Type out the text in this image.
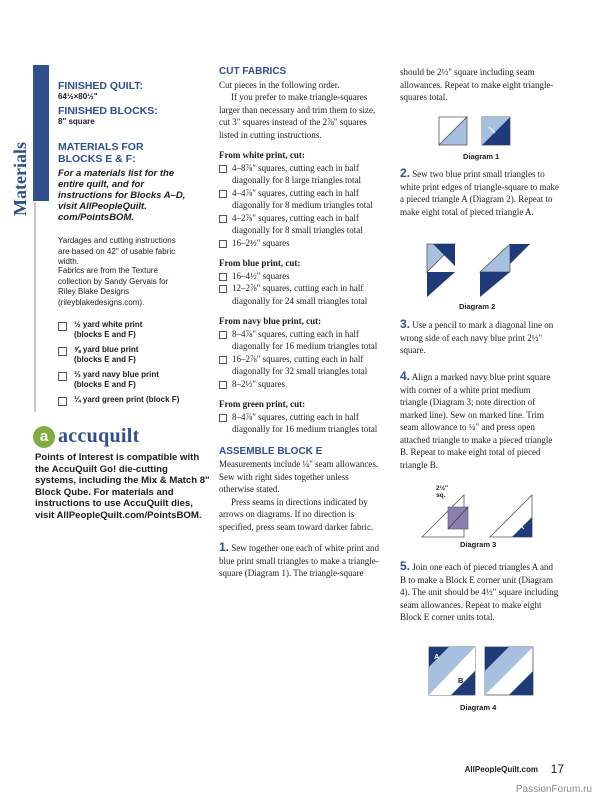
Materials
FINISHED QUILT:
64½×80½"
FINISHED BLOCKS:
8" square
MATERIALS FOR BLOCKS E & F:
For a materials list for the entire quilt, and for instructions for Blocks A–D, visit AllPeopleQuilt. com/PointsBOM.
Yardages and cutting instructions are based on 42" of usable fabric width.
Fabrics are from the Texture collection by Sandy Gervais for Riley Blake Designs (rileyblakedesigns.com).
½ yard white print
(blocks E and F)
⅝ yard blue print
(blocks E and F)
⅓ yard navy blue print
(blocks E and F)
¼ yard green print (block F)
a accuquilt
Points of Interest is compatible with the AccuQuilt Go! die-cutting systems, including the Mix & Match 8" Block Qube. For materials and instructions to use AccuQuilt dies, visit AllPeopleQuilt.com/PointsBOM.
CUT FABRICS
Cut pieces in the following order.
If you prefer to make triangle-squares larger than necessary and trim them to size, cut 3" squares instead of the 2⅞" squares listed in cutting instructions.
From white print, cut:
4–8⅞" squares, cutting each in half diagonally for 8 large triangles total
4–4⅞" squares, cutting each in half diagonally for 8 medium triangles total
4–2⅞" squares, cutting each in half diagonally for 8 small triangles total
16–2½" squares
From blue print, cut:
16–4½" squares
12–2⅞" squares, cutting each in half diagonally for 24 small triangles total
From navy blue print, cut:
8–4⅞" squares, cutting each in half diagonally for 16 medium triangles total
16–2⅞" squares, cutting each in half diagonally for 32 small triangles total
8–2½" squares
From green print, cut:
8–4⅞" squares, cutting each in half diagonally for 16 medium triangles total
ASSEMBLE BLOCK E
Measurements include ¼" seam allowances. Sew with right sides together unless otherwise stated.
Press seams in directions indicated by arrows on diagrams. If no direction is specified, press seam toward darker fabric.
1. Sew together one each of white print and blue print small triangles to make a triangle-square (Diagram 1). The triangle-square
should be 2½" square including seam allowances. Repeat to make eight triangle-squares total.
Diagram 1
2. Sew two blue print small triangles to white print edges of triangle-square to make a pieced triangle A (Diagram 2). Repeat to make eight total of pieced triangle A.
Diagram 2
3. Use a pencil to mark a diagonal line on wrong side of each navy blue print 2½" square.
4. Align a marked navy blue print square with corner of a white print medium triangle (Diagram 3; note direction of marked line). Sew on marked line. Trim seam allowance to ¼" and press open attached triangle to make a pieced triangle B. Repeat to make eight total of pieced triangle B.
2½"
sq.
Diagram 3
5. Join one each of pieced triangles A and B to make a Block E corner unit (Diagram 4). The unit should be 4½" square including seam allowances. Repeat to make eight Block E corner units total.
A
B
Diagram 4
AllPeopleQuilt.com 17
PassionForum.ru
